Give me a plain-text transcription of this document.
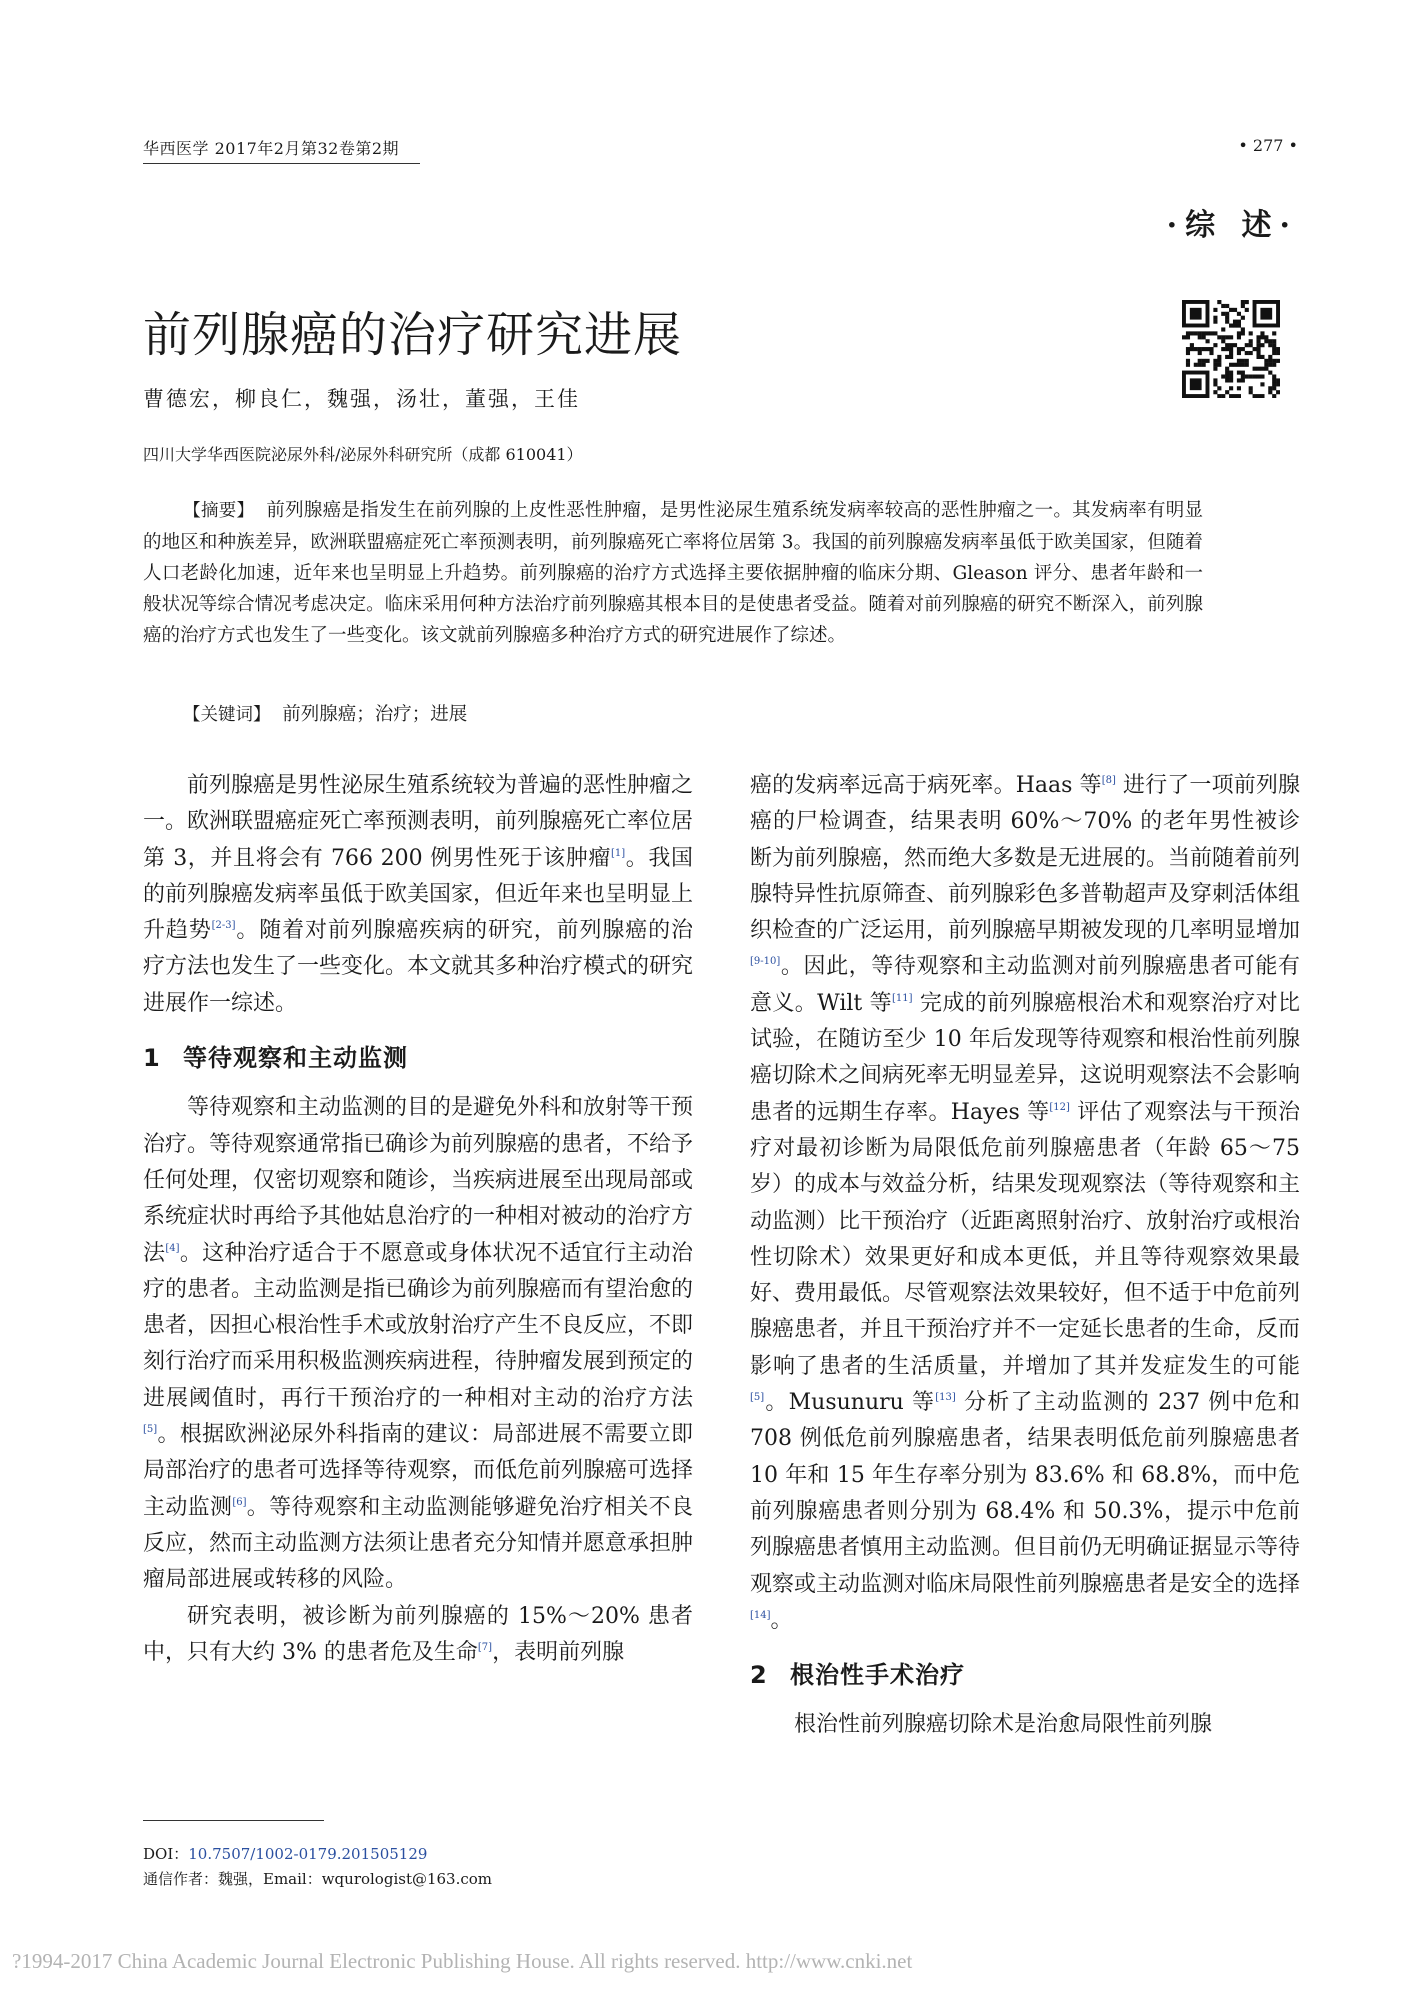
华西医学 2017年2月第32卷第2期	• 277 •
·综 述·
前列腺癌的治疗研究进展
曹德宏，柳良仁，魏强，汤壮，董强，王佳
四川大学华西医院泌尿外科/泌尿外科研究所（成都 610041）

【摘要】 前列腺癌是指发生在前列腺的上皮性恶性肿瘤，是男性泌尿生殖系统发病率较高的恶性肿瘤之一。其发病率有明显的地区和种族差异，欧洲联盟癌症死亡率预测表明，前列腺癌死亡率将位居第 3。我国的前列腺癌发病率虽低于欧美国家，但随着人口老龄化加速，近年来也呈明显上升趋势。前列腺癌的治疗方式选择主要依据肿瘤的临床分期、Gleason 评分、患者年龄和一般状况等综合情况考虑决定。临床采用何种方法治疗前列腺癌其根本目的是使患者受益。随着对前列腺癌的研究不断深入，前列腺癌的治疗方式也发生了一些变化。该文就前列腺癌多种治疗方式的研究进展作了综述。

【关键词】 前列腺癌；治疗；进展

前列腺癌是男性泌尿生殖系统较为普遍的恶性肿瘤之一。欧洲联盟癌症死亡率预测表明，前列腺癌死亡率位居第 3，并且将会有 766 200 例男性死于该肿瘤[1]。我国的前列腺癌发病率虽低于欧美国家，但近年来也呈明显上升趋势[2-3]。随着对前列腺癌疾病的研究，前列腺癌的治疗方法也发生了一些变化。本文就其多种治疗模式的研究进展作一综述。

1 等待观察和主动监测

等待观察和主动监测的目的是避免外科和放射等干预治疗。等待观察通常指已确诊为前列腺癌的患者，不给予任何处理，仅密切观察和随诊，当疾病进展至出现局部或系统症状时再给予其他姑息治疗的一种相对被动的治疗方法[4]。这种治疗适合于不愿意或身体状况不适宜行主动治疗的患者。主动监测是指已确诊为前列腺癌而有望治愈的患者，因担心根治性手术或放射治疗产生不良反应，不即刻行治疗而采用积极监测疾病进程，待肿瘤发展到预定的进展阈值时，再行干预治疗的一种相对主动的治疗方法[5]。根据欧洲泌尿外科指南的建议：局部进展不需要立即局部治疗的患者可选择等待观察，而低危前列腺癌可选择主动监测[6]。等待观察和主动监测能够避免治疗相关不良反应，然而主动监测方法须让患者充分知情并愿意承担肿瘤局部进展或转移的风险。

研究表明，被诊断为前列腺癌的 15%～20% 患者中，只有大约 3% 的患者危及生命[7]，表明前列腺

癌的发病率远高于病死率。Haas 等[8] 进行了一项前列腺癌的尸检调查，结果表明 60%～70% 的老年男性被诊断为前列腺癌，然而绝大多数是无进展的。当前随着前列腺特异性抗原筛查、前列腺彩色多普勒超声及穿刺活体组织检查的广泛运用，前列腺癌早期被发现的几率明显增加[9-10]。因此，等待观察和主动监测对前列腺癌患者可能有意义。Wilt 等[11] 完成的前列腺癌根治术和观察治疗对比试验，在随访至少 10 年后发现等待观察和根治性前列腺癌切除术之间病死率无明显差异，这说明观察法不会影响患者的远期生存率。Hayes 等[12] 评估了观察法与干预治疗对最初诊断为局限低危前列腺癌患者（年龄 65～75 岁）的成本与效益分析，结果发现观察法（等待观察和主动监测）比干预治疗（近距离照射治疗、放射治疗或根治性切除术）效果更好和成本更低，并且等待观察效果最好、费用最低。尽管观察法效果较好，但不适于中危前列腺癌患者，并且干预治疗并不一定延长患者的生命，反而影响了患者的生活质量，并增加了其并发症发生的可能[5]。Musunuru 等[13] 分析了主动监测的 237 例中危和 708 例低危前列腺癌患者，结果表明低危前列腺癌患者 10 年和 15 年生存率分别为 83.6% 和 68.8%，而中危前列腺癌患者则分别为 68.4% 和 50.3%，提示中危前列腺癌患者慎用主动监测。但目前仍无明确证据显示等待观察或主动监测对临床局限性前列腺癌患者是安全的选择[14]。

2 根治性手术治疗

根治性前列腺癌切除术是治愈局限性前列腺

DOI：10.7507/1002-0179.201505129
通信作者：魏强，Email：wqurologist@163.com
?1994-2017 China Academic Journal Electronic Publishing House. All rights reserved. http://www.cnki.net
